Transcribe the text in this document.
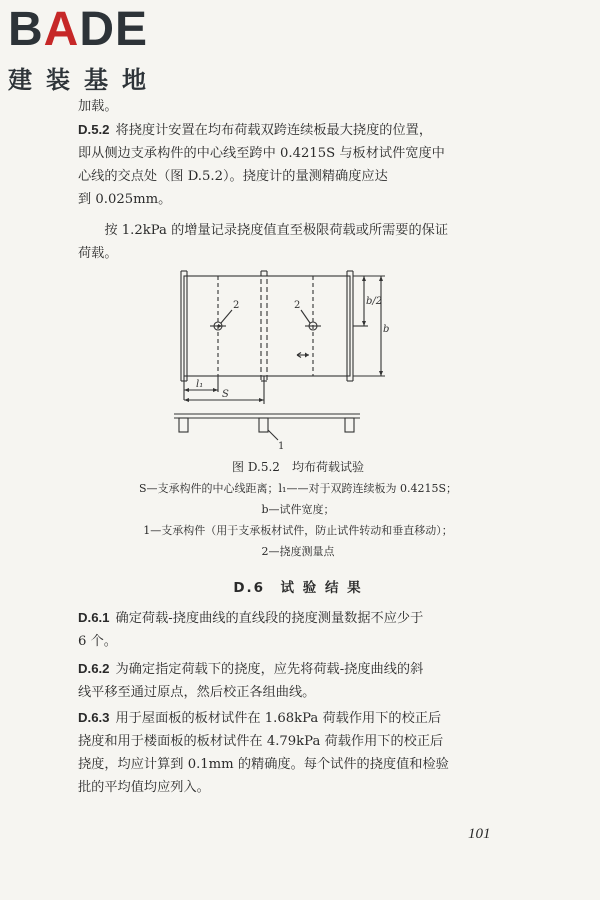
BADE
建装基地

加载。

D.5.2 将挠度计安置在均布荷载双跨连续板最大挠度的位置，

即从侧边支承构件的中心线至跨中 0.4215S 与板材试件宽度中

心线的交点处（图 D.5.2）。挠度计的量测精确度应达

到 0.025mm。

按 1.2kPa 的增量记录挠度值直至极限荷载或所需要的保证

荷载。

2	2	b/2
b
l₁
S
1
图 D.5.2　均布荷载试验
S—支承构件的中心线距离；l₁——对于双跨连续板为 0.4215S；
b—试件宽度；
1—支承构件（用于支承板材试件，防止试件转动和垂直移动）；
2—挠度测量点
D.6　试 验 结 果

D.6.1 确定荷载-挠度曲线的直线段的挠度测量数据不应少于

6 个。

D.6.2 为确定指定荷载下的挠度，应先将荷载-挠度曲线的斜

线平移至通过原点，然后校正各组曲线。

D.6.3 用于屋面板的板材试件在 1.68kPa 荷载作用下的校正后

挠度和用于楼面板的板材试件在 4.79kPa 荷载作用下的校正后

挠度，均应计算到 0.1mm 的精确度。每个试件的挠度值和检验

批的平均值均应列入。

101
